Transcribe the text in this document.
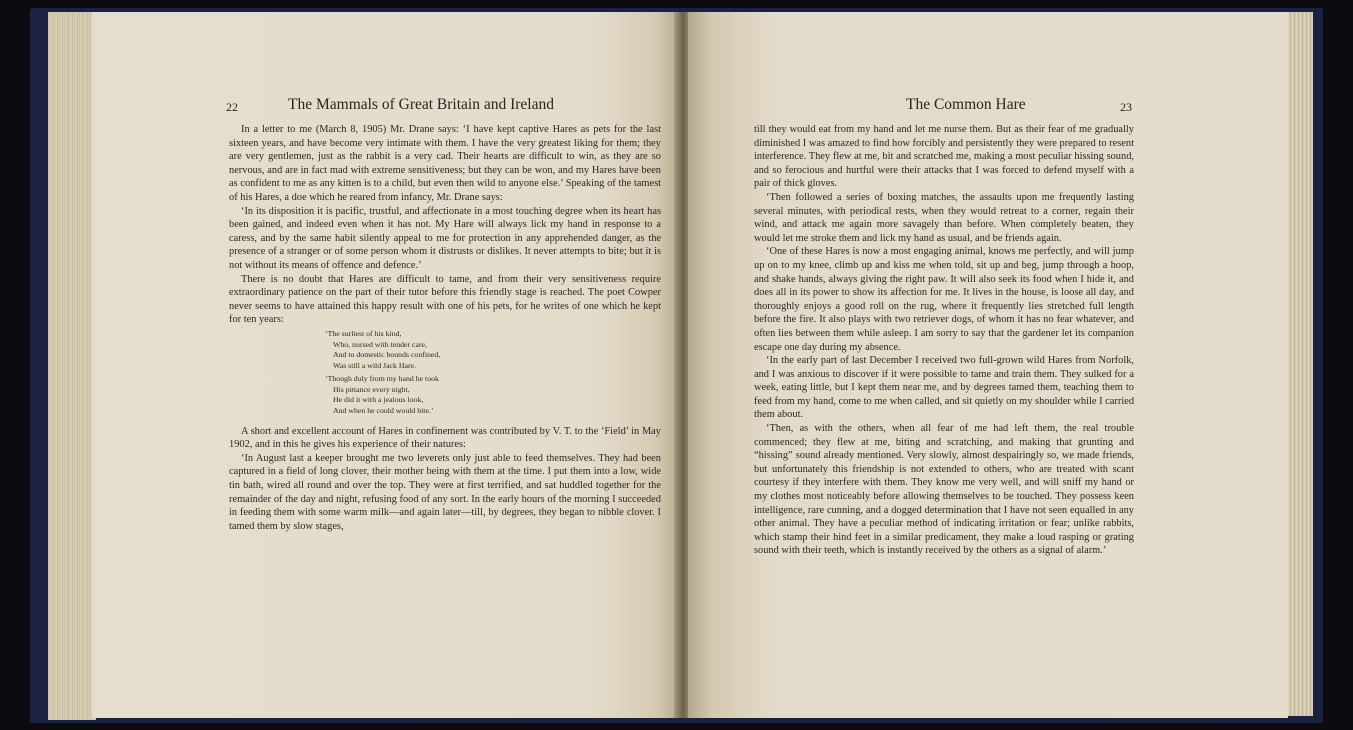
22	The Mammals of Great Britain and Ireland

In a letter to me (March 8, 1905) Mr. Drane says: ‘I have kept captive Hares as pets for the last sixteen years, and have become very intimate with them. I have the very greatest liking for them; they are very gentlemen, just as the rabbit is a very cad. Their hearts are difficult to win, as they are so nervous, and are in fact mad with extreme sensitiveness; but they can be won, and my Hares have been as confident to me as any kitten is to a child, but even then wild to anyone else.’ Speaking of the tamest of his Hares, a doe which he reared from infancy, Mr. Drane says:

‘In its disposition it is pacific, trustful, and affectionate in a most touching degree when its heart has been gained, and indeed even when it has not. My Hare will always lick my hand in response to a caress, and by the same habit silently appeal to me for protection in any apprehended danger, as the presence of a stranger or of some person whom it distrusts or dislikes. It never attempts to bite; but it is not without its means of offence and defence.’

There is no doubt that Hares are difficult to tame, and from their very sensitiveness require extraordinary patience on the part of their tutor before this friendly stage is reached. The poet Cowper never seems to have attained this happy result with one of his pets, for he writes of one which he kept for ten years:

‘The surliest of his kind,
Who, nursed with tender care,
And to domestic bounds confined,
Was still a wild Jack Hare.
‘Though duly from my hand he took
His pittance every night,
He did it with a jealous look,
And when he could would bite.’

A short and excellent account of Hares in confinement was contributed by V. T. to the ‘Field’ in May 1902, and in this he gives his experience of their natures:

‘In August last a keeper brought me two leverets only just able to feed themselves. They had been captured in a field of long clover, their mother being with them at the time. I put them into a low, wide tin bath, wired all round and over the top. They were at first terrified, and sat huddled together for the remainder of the day and night, refusing food of any sort. In the early hours of the morning I succeeded in feeding them with some warm milk—and again later—till, by degrees, they began to nibble clover. I tamed them by slow stages,

The Common Hare	23

till they would eat from my hand and let me nurse them. But as their fear of me gradually diminished I was amazed to find how forcibly and persistently they were prepared to resent interference. They flew at me, bit and scratched me, making a most peculiar hissing sound, and so ferocious and hurtful were their attacks that I was forced to defend myself with a pair of thick gloves.

‘Then followed a series of boxing matches, the assaults upon me frequently lasting several minutes, with periodical rests, when they would retreat to a corner, regain their wind, and attack me again more savagely than before. When completely beaten, they would let me stroke them and lick my hand as usual, and be friends again.

‘One of these Hares is now a most engaging animal, knows me perfectly, and will jump up on to my knee, climb up and kiss me when told, sit up and beg, jump through a hoop, and shake hands, always giving the right paw. It will also seek its food when I hide it, and does all in its power to show its affection for me. It lives in the house, is loose all day, and thoroughly enjoys a good roll on the rug, where it frequently lies stretched full length before the fire. It also plays with two retriever dogs, of whom it has no fear whatever, and often lies between them while asleep. I am sorry to say that the gardener let its companion escape one day during my absence.

‘In the early part of last December I received two full-grown wild Hares from Norfolk, and I was anxious to discover if it were possible to tame and train them. They sulked for a week, eating little, but I kept them near me, and by degrees tamed them, teaching them to feed from my hand, come to me when called, and sit quietly on my shoulder while I carried them about.

‘Then, as with the others, when all fear of me had left them, the real trouble commenced; they flew at me, biting and scratching, and making that grunting and “hissing” sound already mentioned. Very slowly, almost despairingly so, we made friends, but unfortunately this friendship is not extended to others, who are treated with scant courtesy if they interfere with them. They know me very well, and will sniff my hand or my clothes most noticeably before allowing themselves to be touched. They possess keen intelligence, rare cunning, and a dogged determination that I have not seen equalled in any other animal. They have a peculiar method of indicating irritation or fear; unlike rabbits, which stamp their hind feet in a similar predicament, they make a loud rasping or grating sound with their teeth, which is instantly received by the others as a signal of alarm.’
